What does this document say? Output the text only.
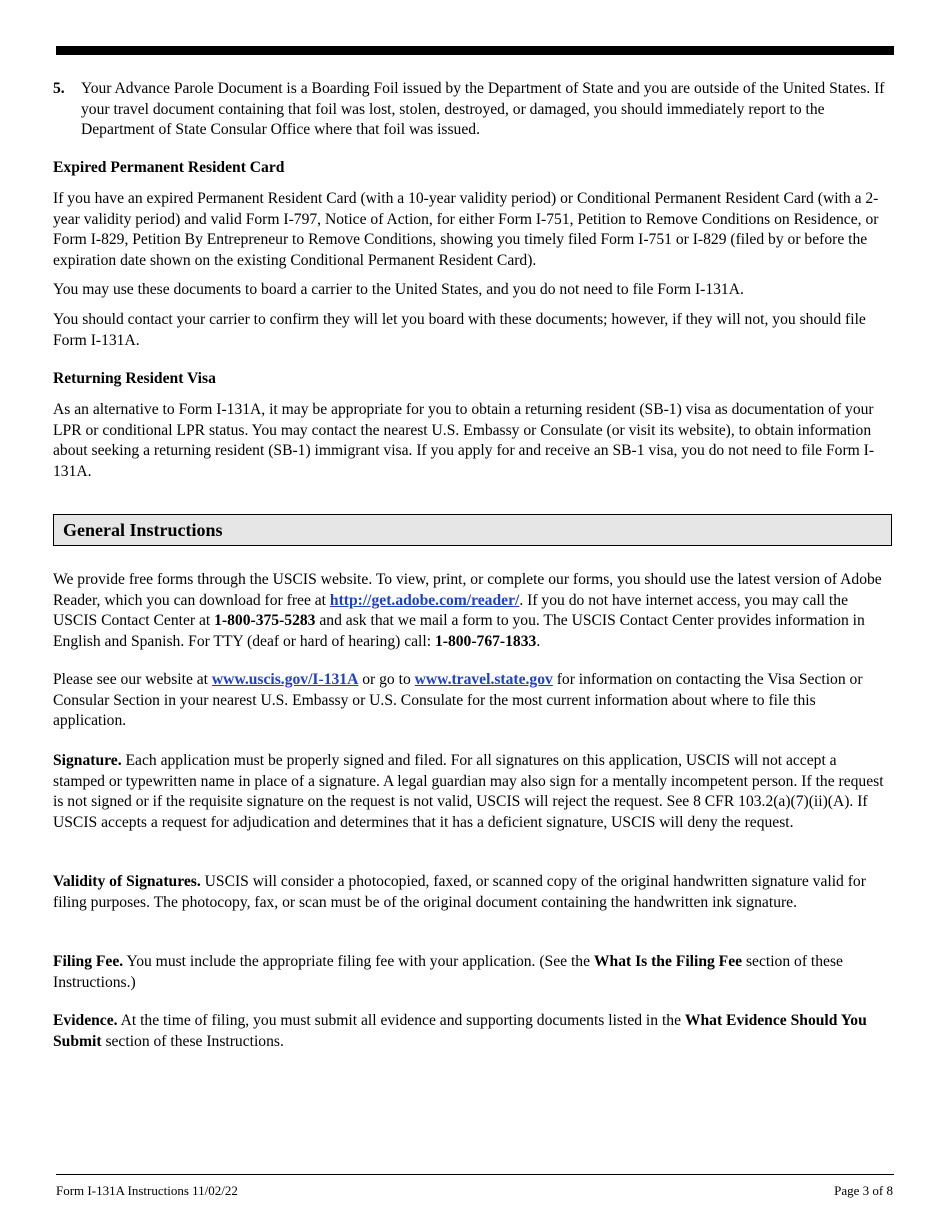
5.	Your Advance Parole Document is a Boarding Foil issued by the Department of State and you are outside of the United States. If your travel document containing that foil was lost, stolen, destroyed, or damaged, you should immediately report to the Department of State Consular Office where that foil was issued.
Expired Permanent Resident Card

If you have an expired Permanent Resident Card (with a 10-year validity period) or Conditional Permanent Resident Card (with a 2-year validity period) and valid Form I-797, Notice of Action, for either Form I-751, Petition to Remove Conditions on Residence, or Form I-829, Petition By Entrepreneur to Remove Conditions, showing you timely filed Form I-751 or I-829 (filed by or before the expiration date shown on the existing Conditional Permanent Resident Card).

You may use these documents to board a carrier to the United States, and you do not need to file Form I-131A.

You should contact your carrier to confirm they will let you board with these documents; however, if they will not, you should file Form I-131A.

Returning Resident Visa

As an alternative to Form I-131A, it may be appropriate for you to obtain a returning resident (SB-1) visa as documentation of your LPR or conditional LPR status. You may contact the nearest U.S. Embassy or Consulate (or visit its website), to obtain information about seeking a returning resident (SB-1) immigrant visa. If you apply for and receive an SB-1 visa, you do not need to file Form I-131A.

General Instructions

We provide free forms through the USCIS website. To view, print, or complete our forms, you should use the latest version of Adobe Reader, which you can download for free at http://get.adobe.com/reader/. If you do not have internet access, you may call the USCIS Contact Center at 1-800-375-5283 and ask that we mail a form to you. The USCIS Contact Center provides information in English and Spanish. For TTY (deaf or hard of hearing) call: 1-800-767-1833.

Please see our website at www.uscis.gov/I-131A or go to www.travel.state.gov for information on contacting the Visa Section or Consular Section in your nearest U.S. Embassy or U.S. Consulate for the most current information about where to file this application.

Signature. Each application must be properly signed and filed. For all signatures on this application, USCIS will not accept a stamped or typewritten name in place of a signature. A legal guardian may also sign for a mentally incompetent person. If the request is not signed or if the requisite signature on the request is not valid, USCIS will reject the request. See 8 CFR 103.2(a)(7)(ii)(A). If USCIS accepts a request for adjudication and determines that it has a deficient signature, USCIS will deny the request.

Validity of Signatures. USCIS will consider a photocopied, faxed, or scanned copy of the original handwritten signature valid for filing purposes. The photocopy, fax, or scan must be of the original document containing the handwritten ink signature.

Filing Fee. You must include the appropriate filing fee with your application. (See the What Is the Filing Fee section of these Instructions.)

Evidence. At the time of filing, you must submit all evidence and supporting documents listed in the What Evidence Should You Submit section of these Instructions.

Form I-131A Instructions 11/02/22	Page 3 of 8
